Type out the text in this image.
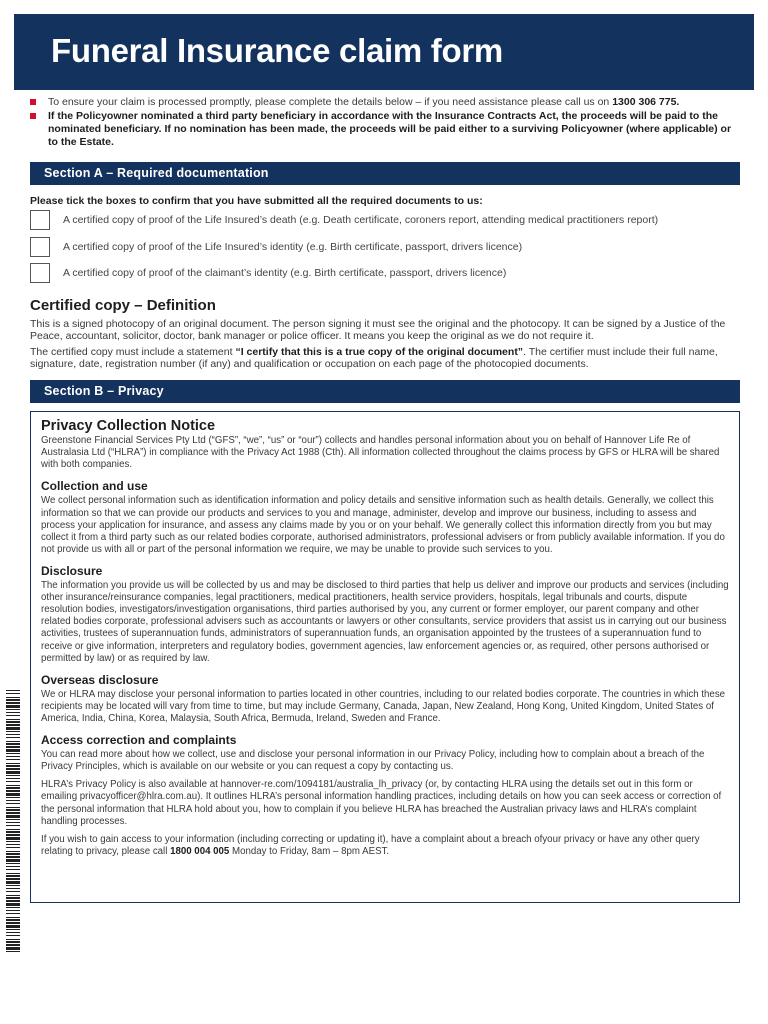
Funeral Insurance claim form
To ensure your claim is processed promptly, please complete the details below – if you need assistance please call us on 1300 306 775.
If the Policyowner nominated a third party beneficiary in accordance with the Insurance Contracts Act, the proceeds will be paid to the nominated beneficiary. If no nomination has been made, the proceeds will be paid either to a surviving Policyowner (where applicable) or to the Estate.
Section A – Required documentation
Please tick the boxes to confirm that you have submitted all the required documents to us:
A certified copy of proof of the Life Insured’s death (e.g. Death certificate, coroners report, attending medical practitioners report)
A certified copy of proof of the Life Insured’s identity (e.g. Birth certificate, passport, drivers licence)
A certified copy of proof of the claimant’s identity (e.g. Birth certificate, passport, drivers licence)
Certified copy – Definition

This is a signed photocopy of an original document. The person signing it must see the original and the photocopy. It can be signed by a Justice of the Peace, accountant, solicitor, doctor, bank manager or police officer. It means you keep the original as we do not require it.

The certified copy must include a statement “I certify that this is a true copy of the original document”. The certifier must include their full name, signature, date, registration number (if any) and qualification or occupation on each page of the photocopied documents.

Section B – Privacy
Privacy Collection Notice

Greenstone Financial Services Pty Ltd (“GFS”, “we”, “us” or “our”) collects and handles personal information about you on behalf of Hannover Life Re of Australasia Ltd (“HLRA”) in compliance with the Privacy Act 1988 (Cth). All information collected throughout the claims process by GFS or HLRA will be shared with both companies.

Collection and use

We collect personal information such as identification information and policy details and sensitive information such as health details. Generally, we collect this information so that we can provide our products and services to you and manage, administer, develop and improve our business, including to assess and process your application for insurance, and assess any claims made by you or on your behalf. We generally collect this information directly from you but may collect it from a third party such as our related bodies corporate, authorised administrators, professional advisers or from publicly available information. If you do not provide us with all or part of the personal information we require, we may be unable to provide such services to you.

Disclosure

The information you provide us will be collected by us and may be disclosed to third parties that help us deliver and improve our products and services (including other insurance/reinsurance companies, legal practitioners, medical practitioners, health service providers, hospitals, legal tribunals and courts, dispute resolution bodies, investigators/investigation organisations, third parties authorised by you, any current or former employer, our parent company and other related bodies corporate, professional advisers such as accountants or lawyers or other consultants, service providers that assist us in carrying out our business activities, trustees of superannuation funds, administrators of superannuation funds, an organisation appointed by the trustees of a superannuation fund to receive or give information, interpreters and regulatory bodies, government agencies, law enforcement agencies or, as required, other persons authorised or permitted by law) or as required by law.

Overseas disclosure

We or HLRA may disclose your personal information to parties located in other countries, including to our related bodies corporate. The countries in which these recipients may be located will vary from time to time, but may include Germany, Canada, Japan, New Zealand, Hong Kong, United Kingdom, United States of America, India, China, Korea, Malaysia, South Africa, Bermuda, Ireland, Sweden and France.

Access correction and complaints

You can read more about how we collect, use and disclose your personal information in our Privacy Policy, including how to complain about a breach of the Privacy Principles, which is available on our website or you can request a copy by contacting us.

HLRA’s Privacy Policy is also available at hannover-re.com/1094181/australia_lh_privacy (or, by contacting HLRA using the details set out in this form or emailing privacyofficer@hlra.com.au). It outlines HLRA’s personal information handling practices, including details on how you can seek access or correction of the personal information that HLRA hold about you, how to complain if you believe HLRA has breached the Australian privacy laws and HLRA’s complaint handling processes.

If you wish to gain access to your information (including correcting or updating it), have a complaint about a breach ofyour privacy or have any other query relating to privacy, please call 1800 004 005 Monday to Friday, 8am – 8pm AEST.
